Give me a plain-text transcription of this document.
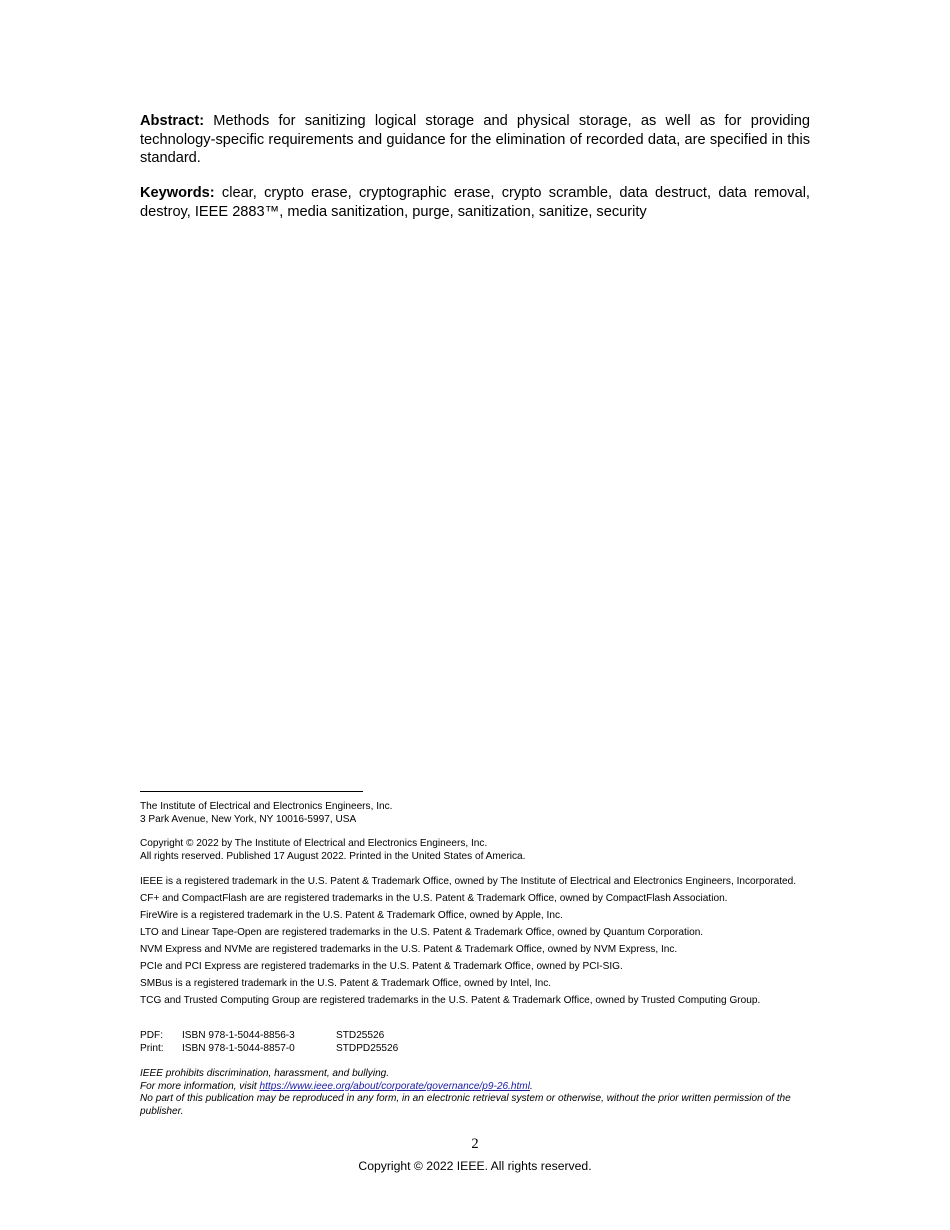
Abstract: Methods for sanitizing logical storage and physical storage, as well as for providing technology-specific requirements and guidance for the elimination of recorded data, are specified in this standard.

Keywords: clear, crypto erase, cryptographic erase, crypto scramble, data destruct, data removal, destroy, IEEE 2883™, media sanitization, purge, sanitization, sanitize, security

The Institute of Electrical and Electronics Engineers, Inc.

3 Park Avenue, New York, NY 10016-5997, USA

Copyright © 2022 by The Institute of Electrical and Electronics Engineers, Inc.

All rights reserved. Published 17 August 2022. Printed in the United States of America.

IEEE is a registered trademark in the U.S. Patent & Trademark Office, owned by The Institute of Electrical and Electronics Engineers, Incorporated.

CF+ and CompactFlash are are registered trademarks in the U.S. Patent & Trademark Office, owned by CompactFlash Association.

FireWire is a registered trademark in the U.S. Patent & Trademark Office, owned by Apple, Inc.

LTO and Linear Tape-Open are registered trademarks in the U.S. Patent & Trademark Office, owned by Quantum Corporation.

NVM Express and NVMe are registered trademarks in the U.S. Patent & Trademark Office, owned by NVM Express, Inc.

PCIe and PCI Express are registered trademarks in the U.S. Patent & Trademark Office, owned by PCI-SIG.

SMBus is a registered trademark in the U.S. Patent & Trademark Office, owned by Intel, Inc.

TCG and Trusted Computing Group are registered trademarks in the U.S. Patent & Trademark Office, owned by Trusted Computing Group.

PDF:	ISBN 978-1-5044-8856-3	STD25526
Print:	ISBN 978-1-5044-8857-0	STDPD25526

IEEE prohibits discrimination, harassment, and bullying.

For more information, visit https://www.ieee.org/about/corporate/governance/p9-26.html.

No part of this publication may be reproduced in any form, in an electronic retrieval system or otherwise, without the prior written permission of the publisher.

2
Copyright © 2022 IEEE. All rights reserved.
